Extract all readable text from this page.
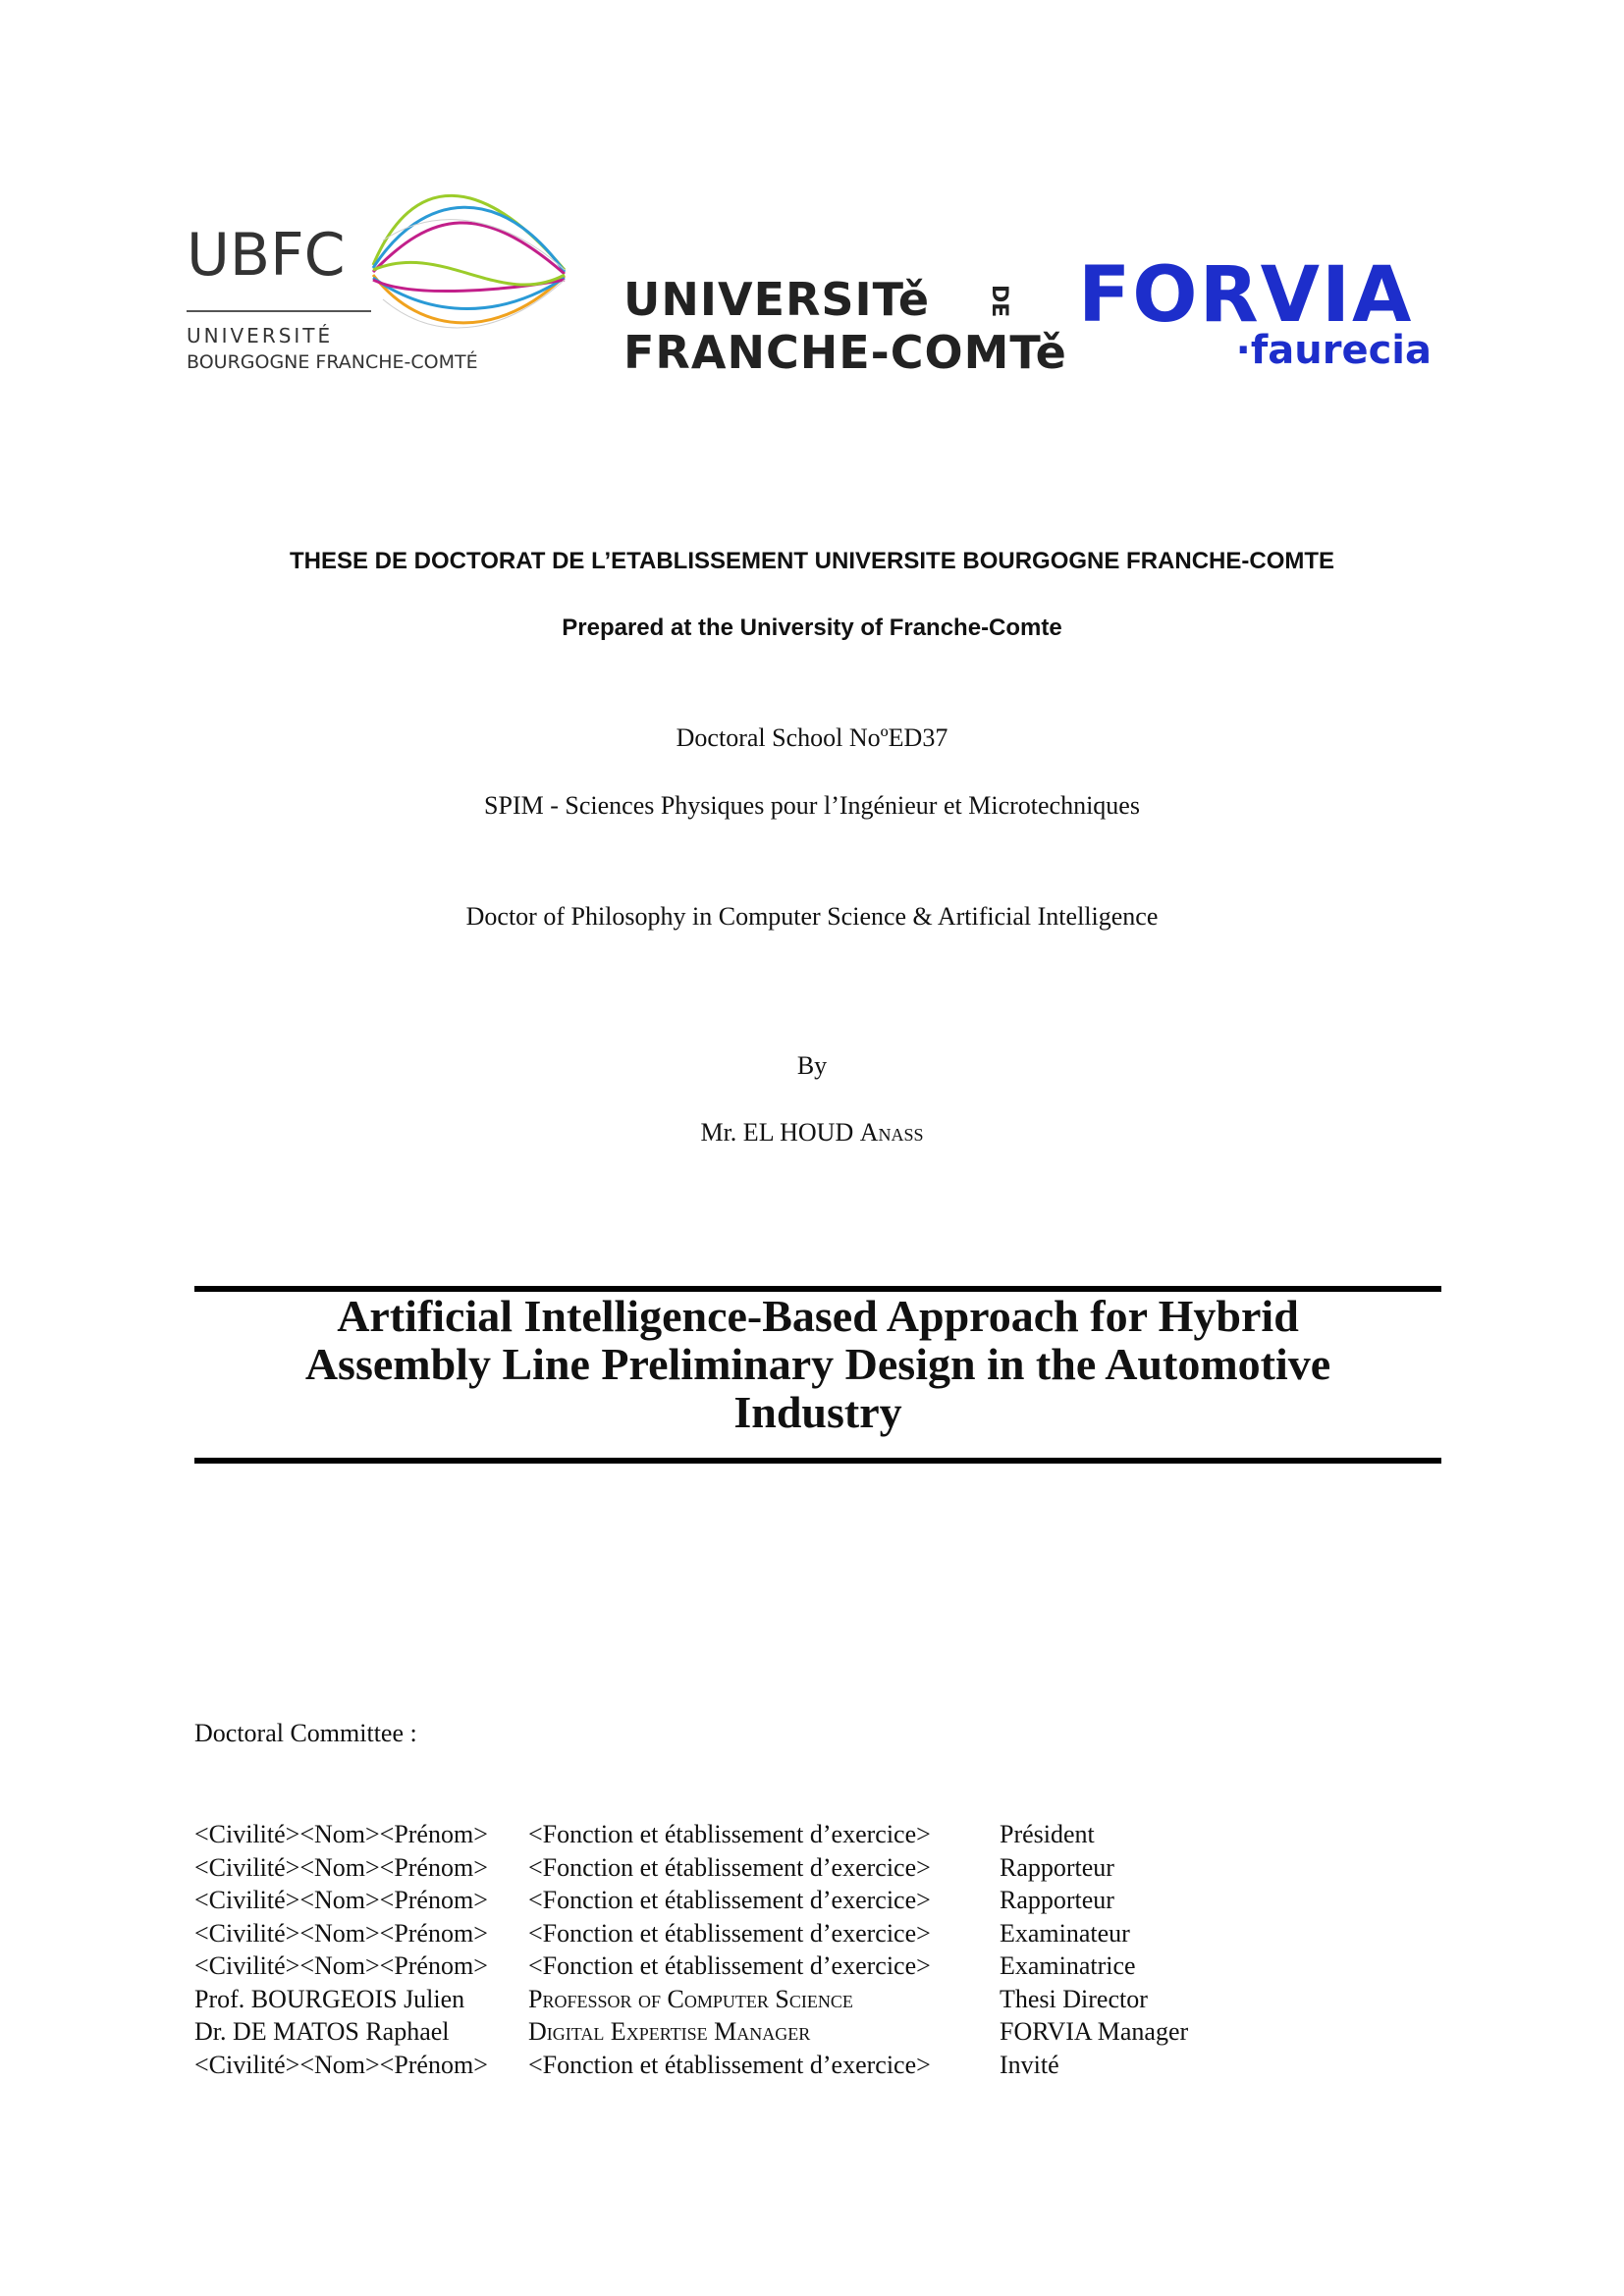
UBFC
UNIVERSITÉ
BOURGOGNE FRANCHE-COMTÉ
UNIVERSITě
FRANCHE-COMTě
DE FORVIA
·faurecia
THESE DE DOCTORAT DE L’ETABLISSEMENT UNIVERSITE BOURGOGNE FRANCHE-COMTE
Prepared at the University of Franche-Comte
Doctoral School NoºED37
SPIM - Sciences Physiques pour l’Ingénieur et Microtechniques
Doctor of Philosophy in Computer Science & Artificial Intelligence
By
Mr. EL HOUD Anass
Artificial Intelligence-Based Approach for Hybrid
Assembly Line Preliminary Design in the Automotive
Industry
Doctoral Committee :
<Civilité><Nom><Prénom>	<Fonction et établissement d’exercice>	Président
<Civilité><Nom><Prénom>	<Fonction et établissement d’exercice>	Rapporteur
<Civilité><Nom><Prénom>	<Fonction et établissement d’exercice>	Rapporteur
<Civilité><Nom><Prénom>	<Fonction et établissement d’exercice>	Examinateur
<Civilité><Nom><Prénom>	<Fonction et établissement d’exercice>	Examinatrice
Prof. BOURGEOIS Julien	Professor of Computer Science	Thesi Director
Dr. DE MATOS Raphael	Digital Expertise Manager	FORVIA Manager
<Civilité><Nom><Prénom>	<Fonction et établissement d’exercice>	Invité
